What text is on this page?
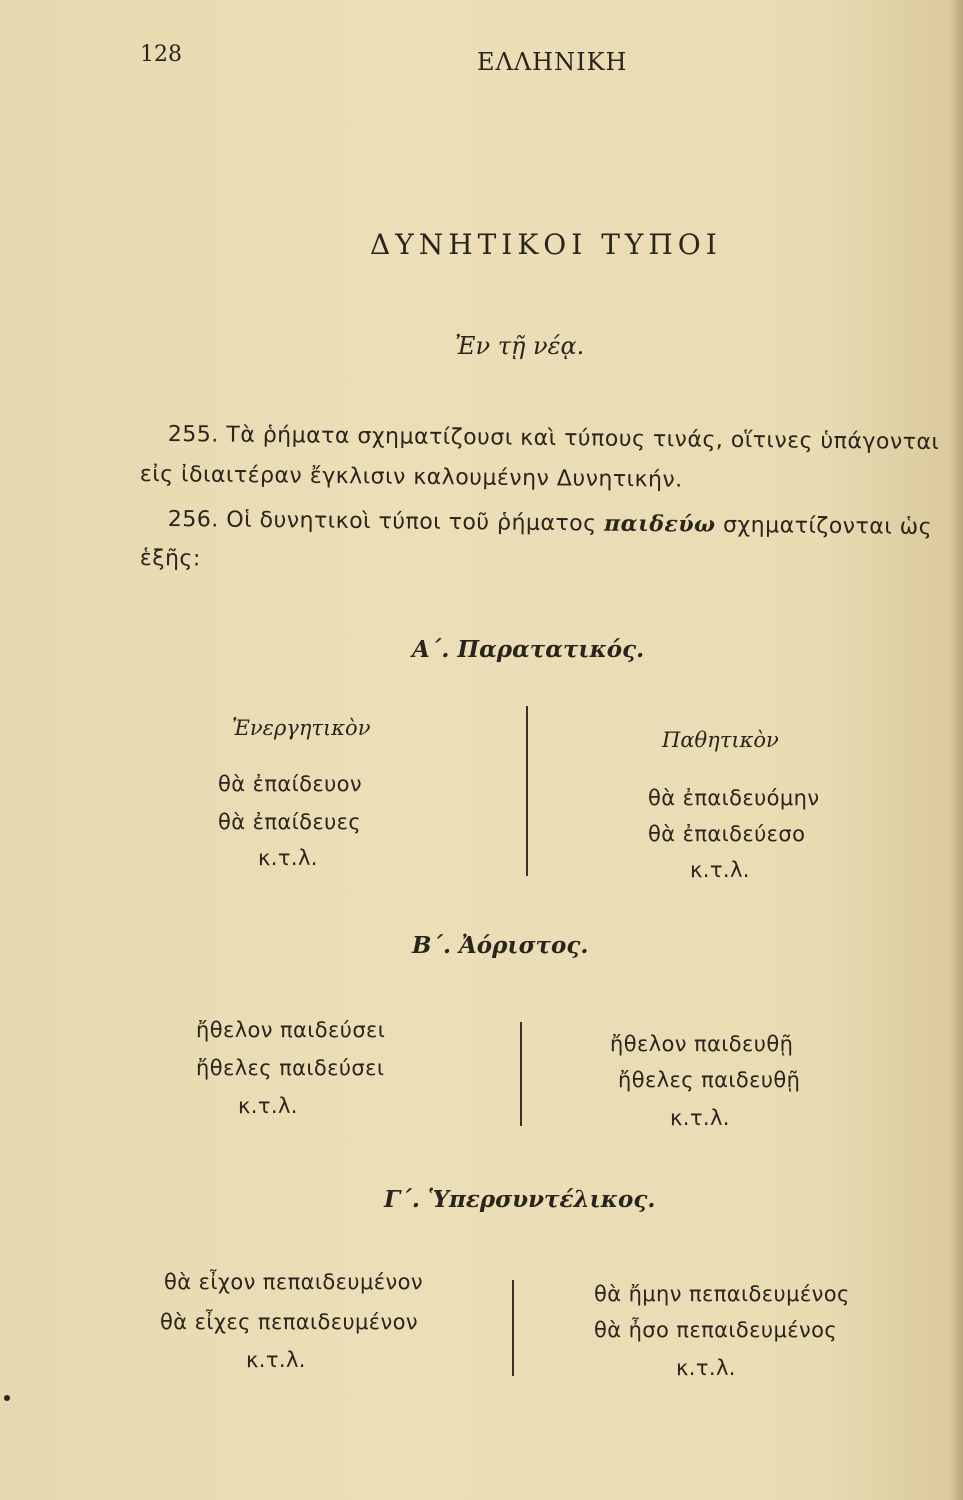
128	ΕΛΛΗΝΙΚΗ
ΔΥΝΗΤΙΚΟΙ ΤΥΠΟΙ
Ἐν τῇ νέᾳ.
255. Τὰ ῥήματα σχηματίζουσι καὶ τύπους τινάς, οἵτινες ὑπάγονται
εἰς ἰδιαιτέραν ἔγκλισιν καλουμένην Δυνητικήν.
256. Οἱ δυνητικοὶ τύποι τοῦ ῥήματος παιδεύω σχηματίζονται ὡς
ἑξῆς:
Α΄. Παρατατικός.
Ἐνεργητικὸν	Παθητικὸν
θὰ ἐπαίδευον
θὰ ἐπαίδευες
κ.τ.λ.
θὰ ἐπαιδευόμην
θὰ ἐπαιδεύεσο
κ.τ.λ.
Β΄. Ἀόριστος.
ἤθελον παιδεύσει
ἤθελες παιδεύσει
κ.τ.λ.
ἤθελον παιδευθῇ
ἤθελες παιδευθῇ
κ.τ.λ.
Γ΄. Ὑπερσυντέλικος.
θὰ εἶχον πεπαιδευμένον
θὰ εἶχες πεπαιδευμένον
κ.τ.λ.
θὰ ἤμην πεπαιδευμένος
θὰ ἦσο πεπαιδευμένος
κ.τ.λ.
